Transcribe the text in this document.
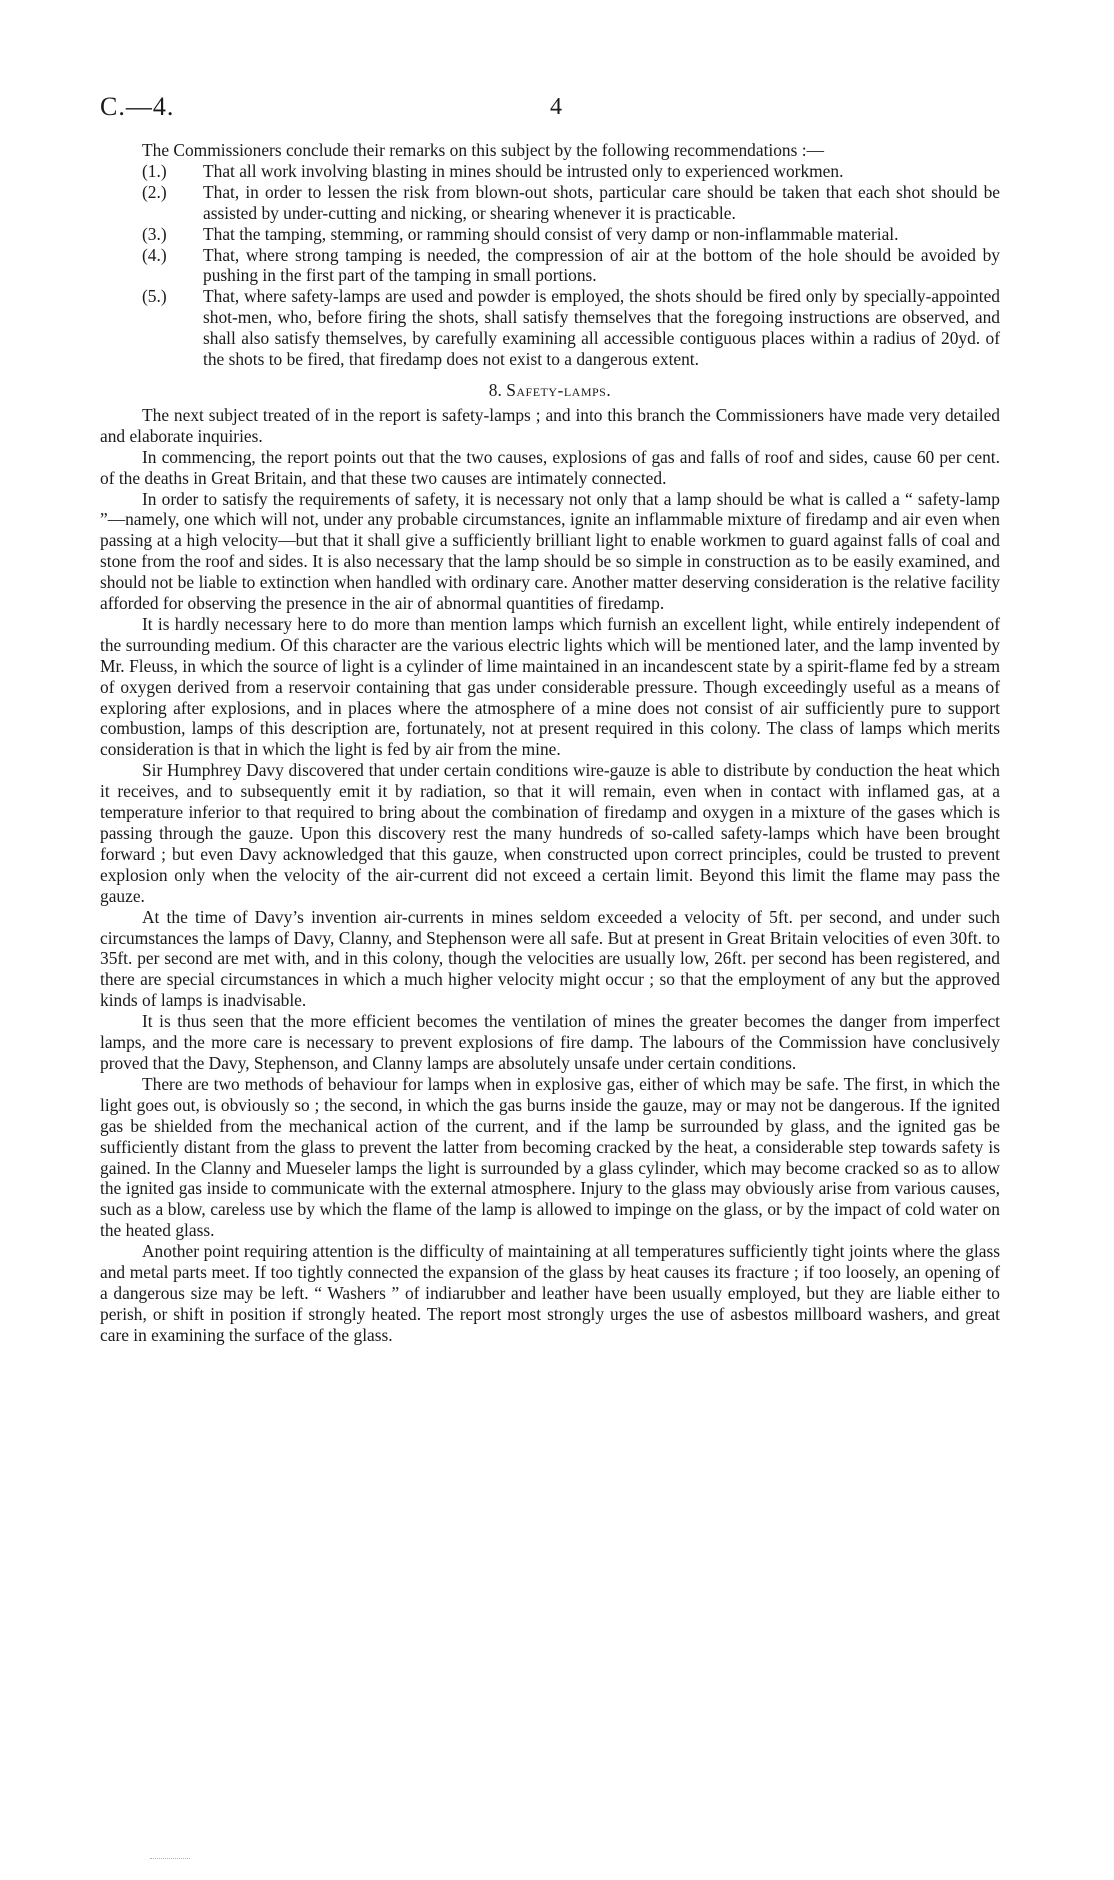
C.—4.	4

The Commissioners conclude their remarks on this subject by the following recommendations :—

(1.) That all work involving blasting in mines should be intrusted only to experienced workmen.
(2.) That, in order to lessen the risk from blown-out shots, particular care should be taken that each shot should be assisted by under-cutting and nicking, or shearing whenever it is practicable.
(3.) That the tamping, stemming, or ramming should consist of very damp or non-inflammable material.
(4.) That, where strong tamping is needed, the compression of air at the bottom of the hole should be avoided by pushing in the first part of the tamping in small portions.
(5.) That, where safety-lamps are used and powder is employed, the shots should be fired only by specially-appointed shot-men, who, before firing the shots, shall satisfy themselves that the foregoing instructions are observed, and shall also satisfy themselves, by carefully examining all accessible contiguous places within a radius of 20yd. of the shots to be fired, that firedamp does not exist to a dangerous extent.

8. Safety-lamps.

The next subject treated of in the report is safety-lamps ; and into this branch the Commissioners have made very detailed and elaborate inquiries.

In commencing, the report points out that the two causes, explosions of gas and falls of roof and sides, cause 60 per cent. of the deaths in Great Britain, and that these two causes are intimately connected.

In order to satisfy the requirements of safety, it is necessary not only that a lamp should be what is called a “ safety-lamp ”—namely, one which will not, under any probable circumstances, ignite an inflammable mixture of firedamp and air even when passing at a high velocity—but that it shall give a sufficiently brilliant light to enable workmen to guard against falls of coal and stone from the roof and sides. It is also necessary that the lamp should be so simple in construction as to be easily examined, and should not be liable to extinction when handled with ordinary care. Another matter deserving consideration is the relative facility afforded for observing the presence in the air of abnormal quantities of firedamp.

It is hardly necessary here to do more than mention lamps which furnish an excellent light, while entirely independent of the surrounding medium. Of this character are the various electric lights which will be mentioned later, and the lamp invented by Mr. Fleuss, in which the source of light is a cylinder of lime maintained in an incandescent state by a spirit-flame fed by a stream of oxygen derived from a reservoir containing that gas under considerable pressure. Though exceedingly useful as a means of exploring after explosions, and in places where the atmosphere of a mine does not consist of air sufficiently pure to support combustion, lamps of this description are, fortunately, not at present required in this colony. The class of lamps which merits consideration is that in which the light is fed by air from the mine.

Sir Humphrey Davy discovered that under certain conditions wire-gauze is able to distribute by conduction the heat which it receives, and to subsequently emit it by radiation, so that it will remain, even when in contact with inflamed gas, at a temperature inferior to that required to bring about the combination of firedamp and oxygen in a mixture of the gases which is passing through the gauze. Upon this discovery rest the many hundreds of so-called safety-lamps which have been brought forward ; but even Davy acknowledged that this gauze, when constructed upon correct principles, could be trusted to prevent explosion only when the velocity of the air-current did not exceed a certain limit. Beyond this limit the flame may pass the gauze.

At the time of Davy’s invention air-currents in mines seldom exceeded a velocity of 5ft. per second, and under such circumstances the lamps of Davy, Clanny, and Stephenson were all safe. But at present in Great Britain velocities of even 30ft. to 35ft. per second are met with, and in this colony, though the velocities are usually low, 26ft. per second has been registered, and there are special circumstances in which a much higher velocity might occur ; so that the employment of any but the approved kinds of lamps is inadvisable.

It is thus seen that the more efficient becomes the ventilation of mines the greater becomes the danger from imperfect lamps, and the more care is necessary to prevent explosions of fire damp. The labours of the Commission have conclusively proved that the Davy, Stephenson, and Clanny lamps are absolutely unsafe under certain conditions.

There are two methods of behaviour for lamps when in explosive gas, either of which may be safe. The first, in which the light goes out, is obviously so ; the second, in which the gas burns inside the gauze, may or may not be dangerous. If the ignited gas be shielded from the mechanical action of the current, and if the lamp be surrounded by glass, and the ignited gas be sufficiently distant from the glass to prevent the latter from becoming cracked by the heat, a considerable step towards safety is gained. In the Clanny and Mueseler lamps the light is surrounded by a glass cylinder, which may become cracked so as to allow the ignited gas inside to communicate with the external atmosphere. Injury to the glass may obviously arise from various causes, such as a blow, careless use by which the flame of the lamp is allowed to impinge on the glass, or by the impact of cold water on the heated glass.

Another point requiring attention is the difficulty of maintaining at all temperatures sufficiently tight joints where the glass and metal parts meet. If too tightly connected the expansion of the glass by heat causes its fracture ; if too loosely, an opening of a dangerous size may be left. “ Washers ” of indiarubber and leather have been usually employed, but they are liable either to perish, or shift in position if strongly heated. The report most strongly urges the use of asbestos millboard washers, and great care in examining the surface of the glass.
